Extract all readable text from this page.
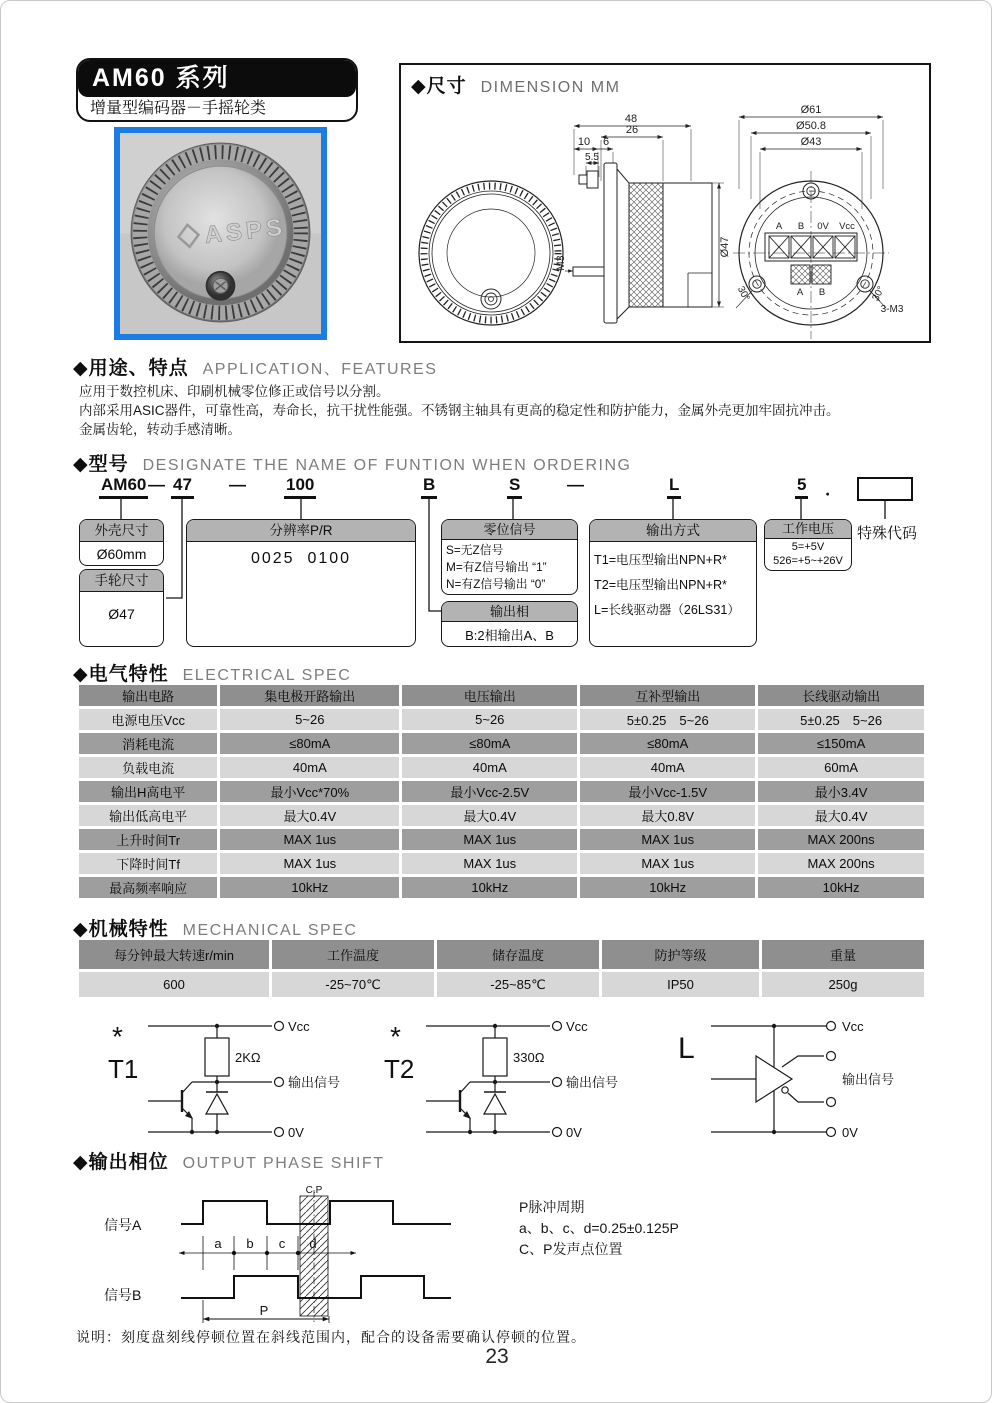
AM60 系列
增量型编码器－手摇轮类
ASPS
◆尺寸 DIMENSION MM
48
26
10 6
5.5
M3
Ø47
Ø61
Ø50.8
Ø43
A B 0V Vcc
A B
30°	30°
3-M3
◆用途、特点 APPLICATION、FEATURES
应用于数控机床、印刷机械零位修正或信号以分割。
内部采用ASIC器件，可靠性高，寿命长，抗干扰性能强。不锈钢主轴具有更高的稳定性和防护能力，金属外壳更加牢固抗冲击。
金属齿轮，转动手感清晰。
◆型号 DESIGNATE THE NAME OF FUNTION WHEN ORDERING
AM60 — 47 — 100	B	S	—	L	5 ．
外壳尺寸
Ø60mm
手轮尺寸
Ø47
分辨率P/R
0025  0100
零位信号
S=无Z信号
M=有Z信号输出 “1”
N=有Z信号输出 “0”
输出相
B:2相输出A、B
输出方式
T1=电压型输出NPN+R*
T2=电压型输出NPN+R*
L=长线驱动器（26LS31）
工作电压
5=+5V
526=+5~+26V
特殊代码
◆电气特性 ELECTRICAL SPEC
输出电路	集电极开路输出	电压输出	互补型输出	长线驱动输出
电源电压Vcc	5~26	5~26	5±0.25　5~26	5±0.25　5~26
消耗电流	≤80mA	≤80mA	≤80mA	≤150mA
负载电流	40mA	40mA	40mA	60mA
输出H高电平	最小Vcc*70%	最小Vcc-2.5V	最小Vcc-1.5V	最小3.4V
输出低高电平	最大0.4V	最大0.4V	最大0.8V	最大0.4V
上升时间Tr	MAX 1us	MAX 1us	MAX 1us	MAX 200ns
下降时间Tf	MAX 1us	MAX 1us	MAX 1us	MAX 200ns
最高频率响应	10kHz	10kHz	10kHz	10kHz
◆机械特性 MECHANICAL SPEC
每分钟最大转速r/min	工作温度	储存温度	防护等级	重量
600	-25~70℃	-25~85℃	IP50	250g
*
T1	2KΩ
Vcc
输出信号
0V
*
T2	330Ω
Vcc
输出信号
0V
L
Vcc
输出信号
0V
◆输出相位 OUTPUT PHASE SHIFT
信号A
信号B
C.P
a b c d
P
P脉冲周期
a、b、c、d=0.25±0.125P
C、P发声点位置
说明：刻度盘刻线停顿位置在斜线范围内，配合的设备需要确认停顿的位置。
23
